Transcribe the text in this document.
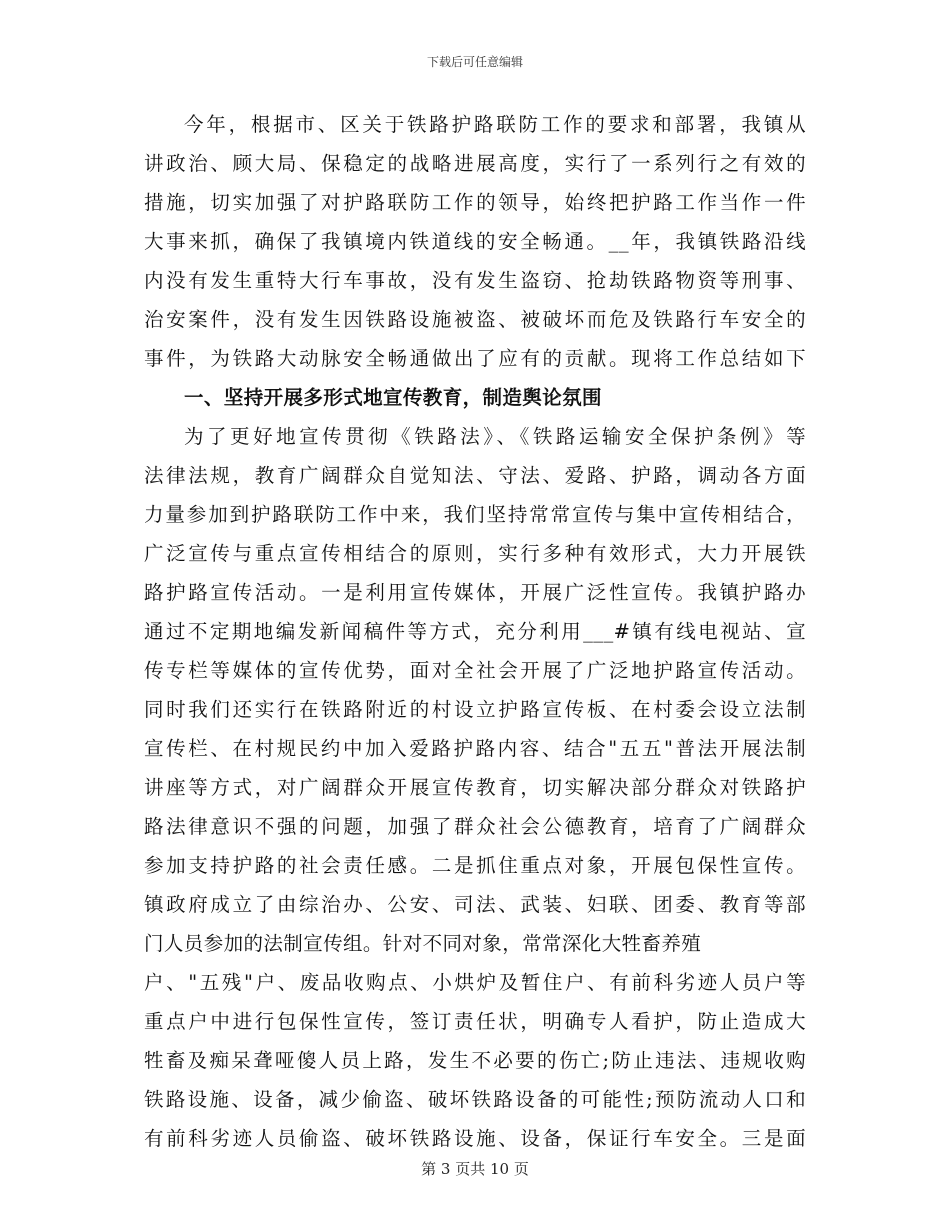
下载后可任意编辑
今年，根据市、区关于铁路护路联防工作的要求和部署，我镇从
讲政治、顾大局、保稳定的战略进展高度，实行了一系列行之有效的
措施，切实加强了对护路联防工作的领导，始终把护路工作当作一件
大事来抓，确保了我镇境内铁道线的安全畅通。__年，我镇铁路沿线
内没有发生重特大行车事故，没有发生盗窃、抢劫铁路物资等刑事、
治安案件，没有发生因铁路设施被盗、被破坏而危及铁路行车安全的
事件，为铁路大动脉安全畅通做出了应有的贡献。现将工作总结如下
一、坚持开展多形式地宣传教育，制造舆论氛围
为了更好地宣传贯彻《铁路法》、《铁路运输安全保护条例》等
法律法规，教育广阔群众自觉知法、守法、爱路、护路，调动各方面
力量参加到护路联防工作中来，我们坚持常常宣传与集中宣传相结合，
广泛宣传与重点宣传相结合的原则，实行多种有效形式，大力开展铁
路护路宣传活动。一是利用宣传媒体，开展广泛性宣传。我镇护路办
通过不定期地编发新闻稿件等方式，充分利用___#镇有线电视站、宣
传专栏等媒体的宣传优势，面对全社会开展了广泛地护路宣传活动。
同时我们还实行在铁路附近的村设立护路宣传板、在村委会设立法制
宣传栏、在村规民约中加入爱路护路内容、结合"五五"普法开展法制
讲座等方式，对广阔群众开展宣传教育，切实解决部分群众对铁路护
路法律意识不强的问题，加强了群众社会公德教育，培育了广阔群众
参加支持护路的社会责任感。二是抓住重点对象，开展包保性宣传。
镇政府成立了由综治办、公安、司法、武装、妇联、团委、教育等部
门人员参加的法制宣传组。针对不同对象，常常深化大牲畜养殖
户、"五残"户、废品收购点、小烘炉及暂住户、有前科劣迹人员户等
重点户中进行包保性宣传，签订责任状，明确专人看护，防止造成大
牲畜及痴呆聋哑傻人员上路，发生不必要的伤亡;防止违法、违规收购
铁路设施、设备，减少偷盗、破坏铁路设备的可能性;预防流动人口和
有前科劣迹人员偷盗、破坏铁路设施、设备，保证行车安全。三是面
第 3 页共 10 页
